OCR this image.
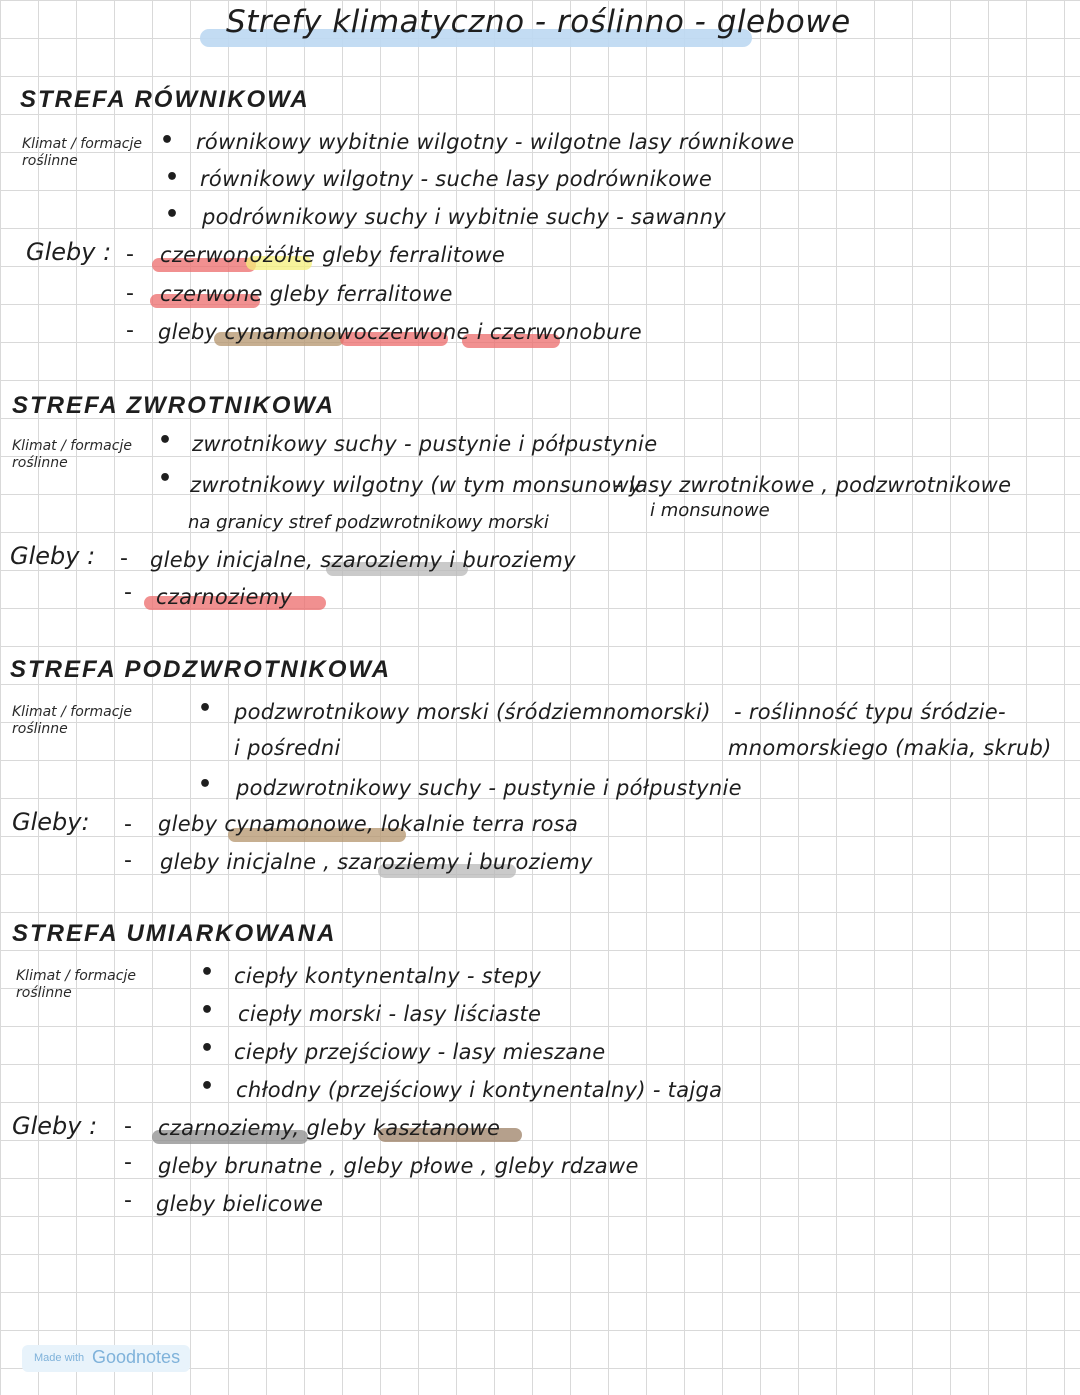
Strefy klimatyczno - roślinno - glebowe
STREFA RÓWNIKOWA
Klimat / formacje
roślinne
• równikowy wybitnie wilgotny - wilgotne lasy równikowe
• równikowy wilgotny - suche lasy podrównikowe
• podrównikowy suchy i wybitnie suchy - sawanny
Gleby : - czerwonożółte gleby ferralitowe
- czerwone gleby ferralitowe
- gleby cynamonowoczerwone i czerwonobure
STREFA ZWROTNIKOWA
Klimat / formacje
roślinne
• zwrotnikowy suchy - pustynie i półpustynie
• zwrotnikowy wilgotny (w tym monsunowy
na granicy stref podzwrotnikowy morski
- lasy zwrotnikowe , podzwrotnikowe
i monsunowe
Gleby : - gleby inicjalne, szaroziemy i buroziemy
- czarnoziemy
STREFA PODZWROTNIKOWA
Klimat / formacje
roślinne
• podzwrotnikowy morski (śródziemnomorski)
i pośredni
- roślinność typu śródzie-
mnomorskiego (makia, skrub)
• podzwrotnikowy suchy - pustynie i półpustynie
Gleby: - gleby cynamonowe, lokalnie terra rosa
- gleby inicjalne , szaroziemy i buroziemy
STREFA UMIARKOWANA
Klimat / formacje
roślinne
• ciepły kontynentalny - stepy
• ciepły morski - lasy liściaste
• ciepły przejściowy - lasy mieszane
• chłodny (przejściowy i kontynentalny) - tajga
Gleby : - czarnoziemy, gleby kasztanowe
- gleby brunatne , gleby płowe , gleby rdzawe
- gleby bielicowe
Made with Goodnotes
